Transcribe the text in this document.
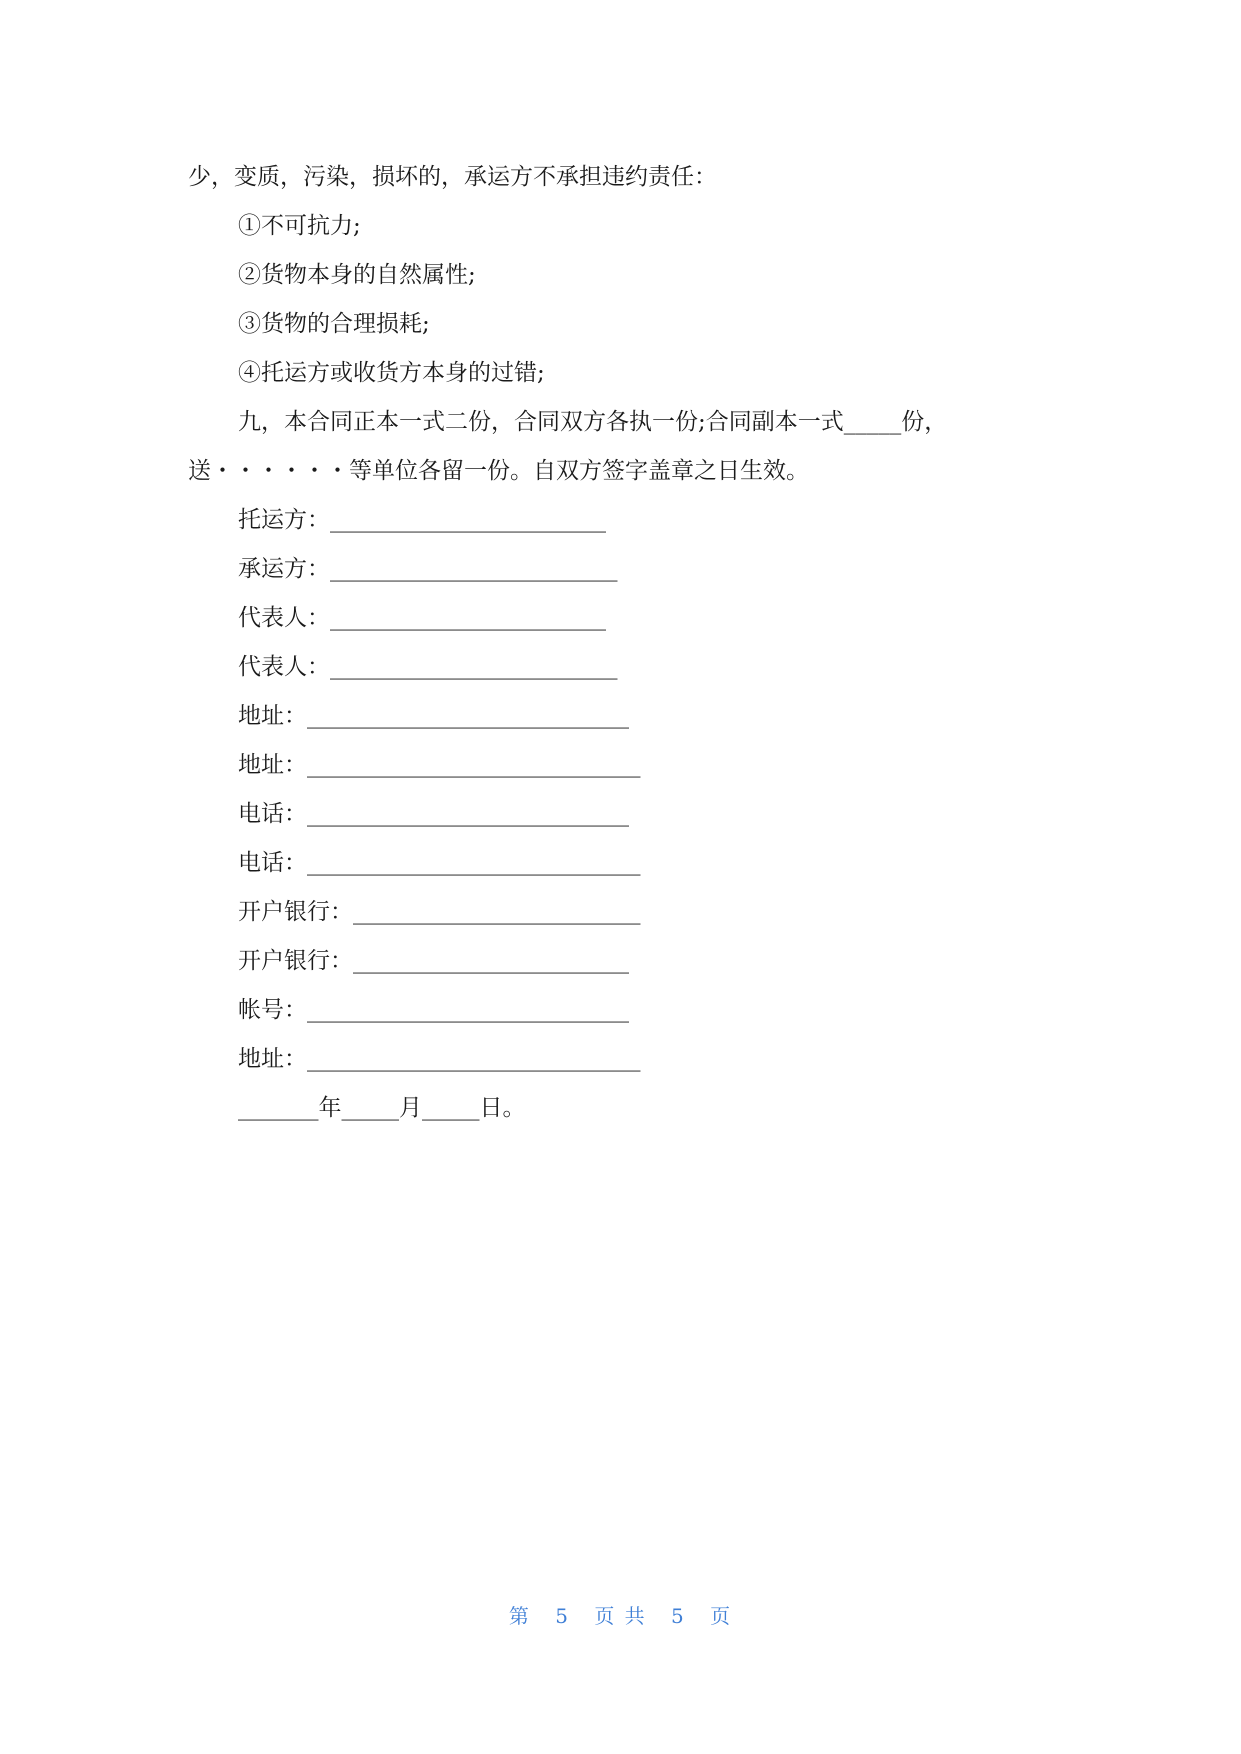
少，变质，污染，损坏的，承运方不承担违约责任：
①不可抗力;
②货物本身的自然属性;
③货物的合理损耗;
④托运方或收货方本身的过错;
九，本合同正本一式二份，合同双方各执一份;合同副本一式_____份，
送・・・・・・等单位各留一份。自双方签字盖章之日生效。
托运方：________________________
承运方：_________________________
代表人：________________________
代表人：_________________________
地址：____________________________
地址：_____________________________
电话：____________________________
电话：_____________________________
开户银行：_________________________
开户银行：________________________
帐号：____________________________
地址：_____________________________
_______年_____月_____日。
第 5 页 共 5 页
